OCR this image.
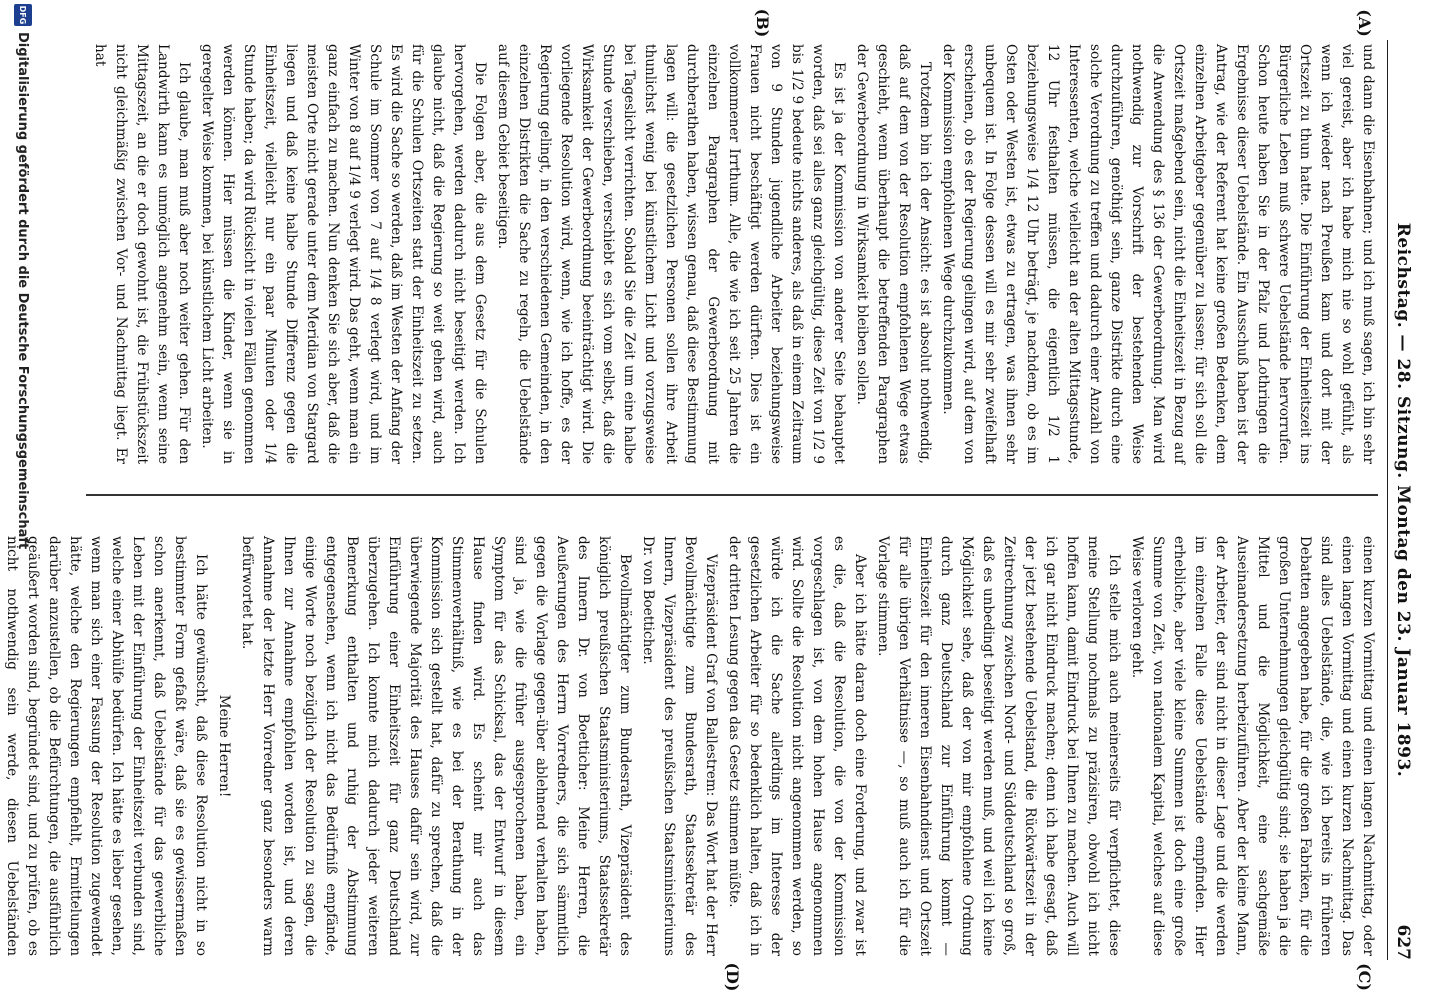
Reichstag. — 28. Sitzung. Montag den 23. Januar 1893.
627
(A)
(B)
(C)
(D)

und dann die Eisenbahnen; und ich muß sagen, ich bin sehr viel gereist, aber ich habe mich nie so wohl gefühlt, als wenn ich wieder nach Preußen kam und dort mit der Ortszeit zu thun hatte. Die Einführung der Einheitszeit ins Bürgerliche Leben muß schwere Uebelstände hervorrufen. Schon heute haben Sie in der Pfalz und Lothringen die Ergebnisse dieser Uebelstände. Ein Ausschuß haben ist der Antrag, wie der Referent hat keine großen Bedenken, dem einzelnen Arbeitgeber gegenüber zu lassen; für sich soll die Ortszeit maßgebend sein, nicht die Einheitszeit in Bezug auf die Anwendung des § 136 der Gewerbeordnung. Man wird nothwendig zur Vorschrift der bestehenden Weise durchzuführen, genöthigt sein, ganze Distrikte durch eine solche Verordnung zu treffen und dadurch einer Anzahl von Interessenten, welche vielleicht an der alten Mittagsstunde, 12 Uhr festhalten müssen, die eigentlich 1/2 1 beziehungsweise 1/4 12 Uhr beträgt, je nachdem, ob es im Osten oder Westen ist, etwas zu ertragen, was ihnen sehr unbequem ist. In Folge dessen will es mir sehr zweifelhaft erscheinen, ob es der Regierung gelingen wird, auf dem von der Kommission empfohlenen Wege durchzukommen.

Trotzdem bin ich der Ansicht: es ist absolut nothwendig, daß auf dem von der Resolution empfohlenen Wege etwas geschieht, wenn überhaupt die betreffenden Paragraphen der Gewerbeordnung in Wirksamkeit bleiben sollen.

Es ist ja der Kommission von anderer Seite behauptet worden, daß sei alles ganz gleichgültig, diese Zeit von 1/2 9 bis 1/2 9 bedeute nichts anderes, als daß in einem Zeitraum von 9 Stunden jugendliche Arbeiter beziehungsweise Frauen nicht beschäftigt werden dürften. Dies ist ein vollkommener Irrthum. Alle, die wie ich seit 25 Jahren die einzelnen Paragraphen der Gewerbeordnung mit durchberathen haben, wissen genau, daß diese Bestimmung lagen will: die gesetzlichen Personen sollen ihre Arbeit thunlichst wenig bei künstlichem Licht und vorzugsweise bei Tageslicht verrichten. Sobald Sie die Zeit um eine halbe Stunde verschieben, verschiebt es sich vom selbst, daß die Wirksamkeit der Gewerbeordnung beeinträchtigt wird. Die vorliegende Resolution wird, wenn, wie ich hoffe, es der Regierung gelingt, in den verschiedenen Gemeinden, in den einzelnen Distrikten die Sache zu regeln, die Uebelstände auf diesem Gebiet beseitigen.

Die Folgen aber, die aus dem Gesetz für die Schulen hervorgehen, werden dadurch nicht beseitigt werden. Ich glaube nicht, daß die Regierung so weit gehen wird, auch für die Schulen Ortszeiten statt der Einheitszeit zu setzen. Es wird die Sache so werden, daß im Westen der Anfang der Schule im Sommer von 7 auf 1/4 8 verlegt wird, und im Winter von 8 auf 1/4 9 verlegt wird. Das geht, wenn man ein ganz einfach zu machen. Nun denken Sie sich aber, daß die meisten Orte nicht gerade unter dem Meridian von Stargard liegen und daß keine halbe Stunde Differenz gegen die Einheitszeit, vielleicht nur ein paar Minuten oder 1/4 Stunde haben; da wird Rücksicht in vielen Fällen genommen werden können. Hier müssen die Kinder, wenn sie in geregelter Weise kommen, bei künstlichem Licht arbeiten.

Ich glaube, man muß aber noch weiter gehen. Für den Landwirth kann es unmöglich angenehm sein, wenn seine Mittagszeit, an die er doch gewohnt ist, die Frühstückszeit nicht gleichmäßig zwischen Vor- und Nachmittag liegt. Er hat

einen kurzen Vormittag und einen langen Nachmittag, oder einen langen Vormittag und einen kurzen Nachmittag. Das sind alles Uebelstände, die, wie ich bereits in früheren Debatten angegeben habe, für die großen Fabriken, für die großen Unternehmungen gleichgültig sind; sie haben ja die Mittel und die Möglichkeit, eine sachgemäße Auseinandersetzung herbeizuführen. Aber der kleine Mann, der Arbeiter, der sind nicht in dieser Lage und die werden im einzelnen Falle diese Uebelstände empfinden. Hier erhebliche, aber viele kleine Summen ist doch eine große Summe von Zeit, von nationalem Kapital, welches auf diese Weise verloren geht.

Ich stelle mich auch meinerseits für verpflichtet, diese meine Stellung nochmals zu präzisiren, obwohl ich nicht hoffen kann, damit Eindruck bei Ihnen zu machen. Auch will ich gar nicht Eindruck machen; denn ich habe gesagt, daß der jetzt bestehende Uebelstand, die Rückwärtszeit in der Zeitrechnung zwischen Nord- und Süddeutschland so groß, daß es unbedingt beseitigt werden muß, und weil ich keine Möglichkeit sehe, daß der von mir empfohlene Ordnung durch ganz Deutschland zur Einführung kommt — Einheitszeit für den inneren Eisenbahndienst und Ortszeit für alle übrigen Verhältnisse —, so muß auch ich für die Vorlage stimmen.

Aber ich hätte daran doch eine Forderung, und zwar ist es die, daß die Resolution, die von der Kommission vorgeschlagen ist, von dem hohen Hause angenommen wird. Sollte die Resolution nicht angenommen werden, so würde ich die Sache allerdings im Interesse der gesetzlichen Arbeiter für so bedenklich halten, daß ich in der dritten Lesung gegen das Gesetz stimmen müßte.

Vizepräsident Graf von Ballestrem: Das Wort hat der Herr Bevollmächtigte zum Bundesrath, Staatssekretär des Innern, Vizepräsident des preußischen Staatsministeriums Dr. von Boetticher.

Bevollmächtigter zum Bundesrath, Vizepräsident des königlich preußischen Staatsministeriums, Staatssekretär des Innern Dr. von Boetticher: Meine Herren, die Aeußerungen des Herrn Vorredners, die sich sämmtlich gegen die Vorlage gegen-über ablehnend verhalten haben, sind ja, wie die früher ausgesprochenen haben, ein Symptom für das Schicksal, das der Entwurf in diesem Hause finden wird. Es scheint mir auch das Stimmenverhältniß, wie es bei der Berathung in der Kommission sich gestellt hat, dafür zu sprechen, daß die überwiegende Majorität des Hauses dafür sein wird, zur Einführung einer Einheitszeit für ganz Deutschland überzugehen. Ich konnte mich dadurch jeder weiteren Bemerkung enthalten und ruhig der Abstimmung entgegensehen, wenn ich nicht das Bedürfniß empfände, einige Worte noch bezüglich der Resolution zu sagen, die Ihnen zur Annahme empfohlen worden ist, und deren Annahme der letzte Herr Vorredner ganz besonders warm befürwortet hat.

Meine Herren!

Ich hätte gewünscht, daß diese Resolution nicht in so bestimmter Form gefaßt wäre, daß sie es gewissermaßen schon anerkennt, daß Uebelstände für das gewerbliche Leben mit der Einführung der Einheitszeit verbunden sind, welche einer Abhülfe bedürfen. Ich hätte es lieber gesehen, wenn man sich einer Fassung der Resolution zugewendet hätte, welche den Regierungen empfiehlt, Ermittelungen darüber anzustellen, ob die Befürchtungen, die ausführlich geäußert worden sind, begründet sind, und zu prüfen, ob es nicht nothwendig sein werde, diesen Uebelständen

DFG
Digitalisierung gefördert durch die Deutsche Forschungsgemeinschaft
